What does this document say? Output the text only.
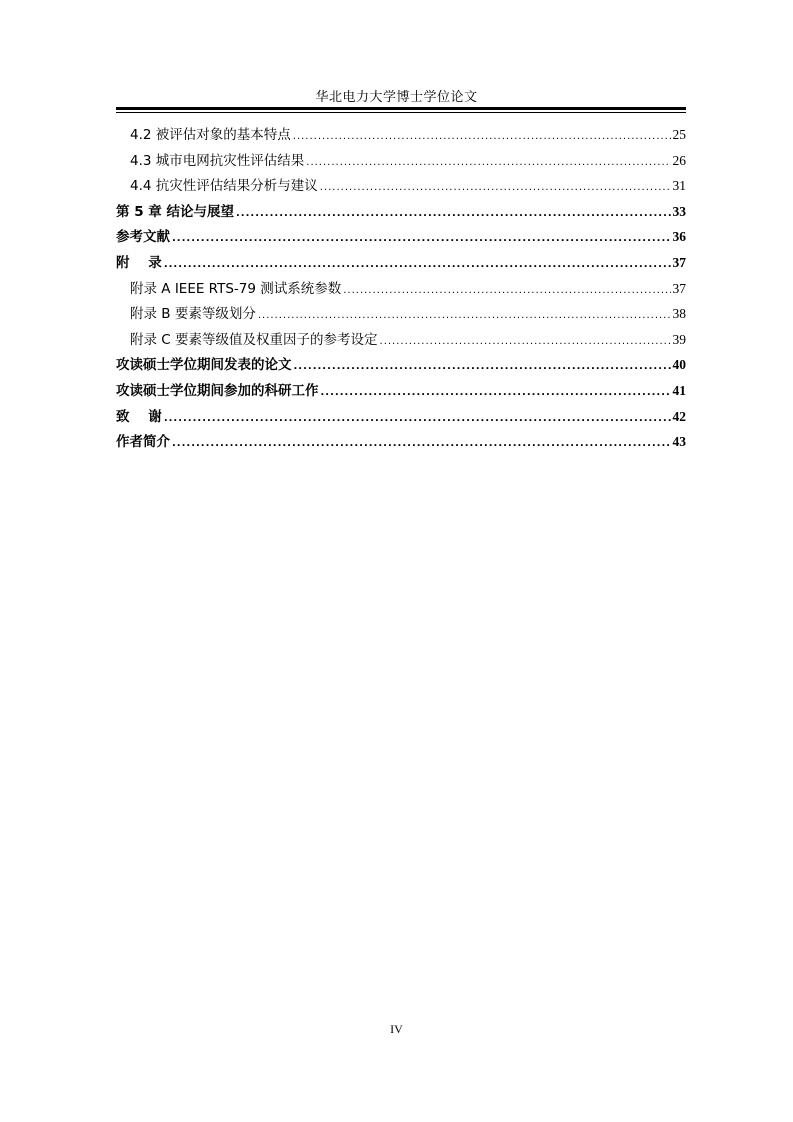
华北电力大学博士学位论文
4.2 被评估对象的基本特点 .....	25
4.3 城市电网抗灾性评估结果 .....	26
4.4 抗灾性评估结果分析与建议 .....	31
第 5 章 结论与展望 .....	33
参考文献 .....	36
附    录 .....	37
附录 A IEEE RTS-79 测试系统参数 .....	37
附录 B 要素等级划分 .....	38
附录 C 要素等级值及权重因子的参考设定 .....	39
攻读硕士学位期间发表的论文 .....	40
攻读硕士学位期间参加的科研工作 .....	41
致    谢 .....	42
作者简介 .....	43
IV
